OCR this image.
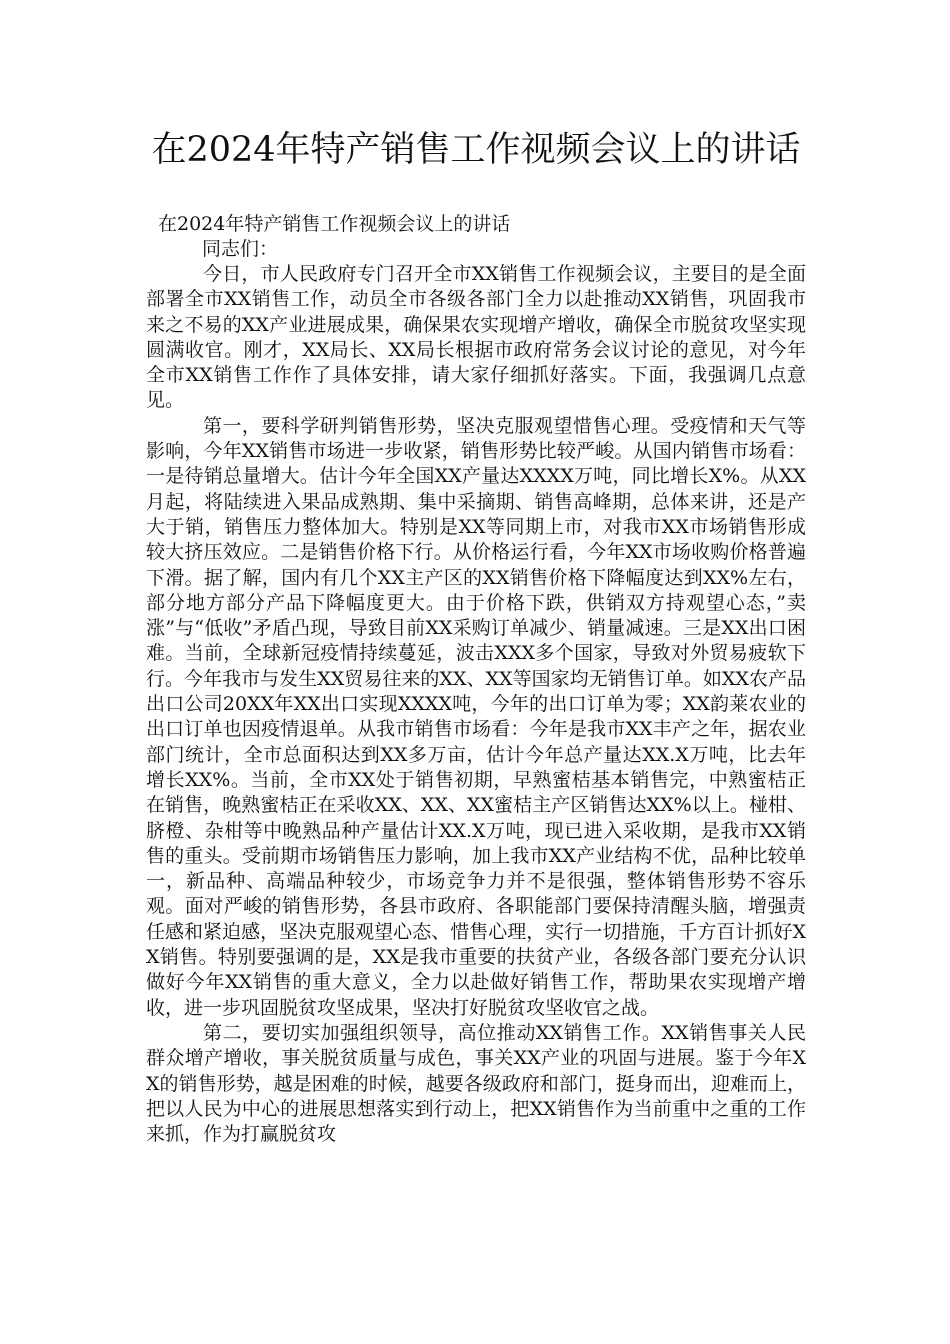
在2024年特产销售工作视频会议上的讲话

在2024年特产销售工作视频会议上的讲话

同志们：

今日，市人民政府专门召开全市XX销售工作视频会议，主要目的是全面部署全市XX销售工作，动员全市各级各部门全力以赴推动XX销售，巩固我市来之不易的XX产业进展成果，确保果农实现增产增收，确保全市脱贫攻坚实现圆满收官。刚才，XX局长、XX局长根据市政府常务会议讨论的意见，对今年全市XX销售工作作了具体安排，请大家仔细抓好落实。下面，我强调几点意见。

第一，要科学研判销售形势，坚决克服观望惜售心理。受疫情和天气等影响，今年XX销售市场进一步收紧，销售形势比较严峻。从国内销售市场看：一是待销总量增大。估计今年全国XX产量达XXXX万吨，同比增长X%。从XX月起，将陆续进入果品成熟期、集中采摘期、销售高峰期，总体来讲，还是产大于销，销售压力整体加大。特别是XX等同期上市，对我市XX市场销售形成较大挤压效应。二是销售价格下行。从价格运行看，今年XX市场收购价格普遍下滑。据了解，国内有几个XX主产区的XX销售价格下降幅度达到XX%左右，部分地方部分产品下降幅度更大。由于价格下跌，供销双方持观望心态，”卖涨”与“低收”矛盾凸现，导致目前XX采购订单减少、销量减速。三是XX出口困难。当前，全球新冠疫情持续蔓延，波击XXX多个国家，导致对外贸易疲软下行。今年我市与发生XX贸易往来的XX、XX等国家均无销售订单。如XX农产品出口公司20XX年XX出口实现XXXX吨，今年的出口订单为零；XX韵莱农业的出口订单也因疫情退单。从我市销售市场看：今年是我市XX丰产之年，据农业部门统计，全市总面积达到XX多万亩，估计今年总产量达XX.X万吨，比去年增长XX%。当前，全市XX处于销售初期，早熟蜜桔基本销售完，中熟蜜桔正在销售，晚熟蜜桔正在采收XX、XX、XX蜜桔主产区销售达XX%以上。椪柑、脐橙、杂柑等中晚熟品种产量估计XX.X万吨，现已进入采收期，是我市XX销售的重头。受前期市场销售压力影响，加上我市XX产业结构不优，品种比较单一，新品种、高端品种较少，市场竞争力并不是很强，整体销售形势不容乐观。面对严峻的销售形势，各县市政府、各职能部门要保持清醒头脑，增强责任感和紧迫感，坚决克服观望心态、惜售心理，实行一切措施，千方百计抓好XX销售。特别要强调的是，XX是我市重要的扶贫产业，各级各部门要充分认识做好今年XX销售的重大意义，全力以赴做好销售工作，帮助果农实现增产增收，进一步巩固脱贫攻坚成果，坚决打好脱贫攻坚收官之战。

第二，要切实加强组织领导，高位推动XX销售工作。XX销售事关人民群众增产增收，事关脱贫质量与成色，事关XX产业的巩固与进展。鉴于今年XX的销售形势，越是困难的时候，越要各级政府和部门，挺身而出，迎难而上，把以人民为中心的进展思想落实到行动上，把XX销售作为当前重中之重的工作来抓，作为打赢脱贫攻
